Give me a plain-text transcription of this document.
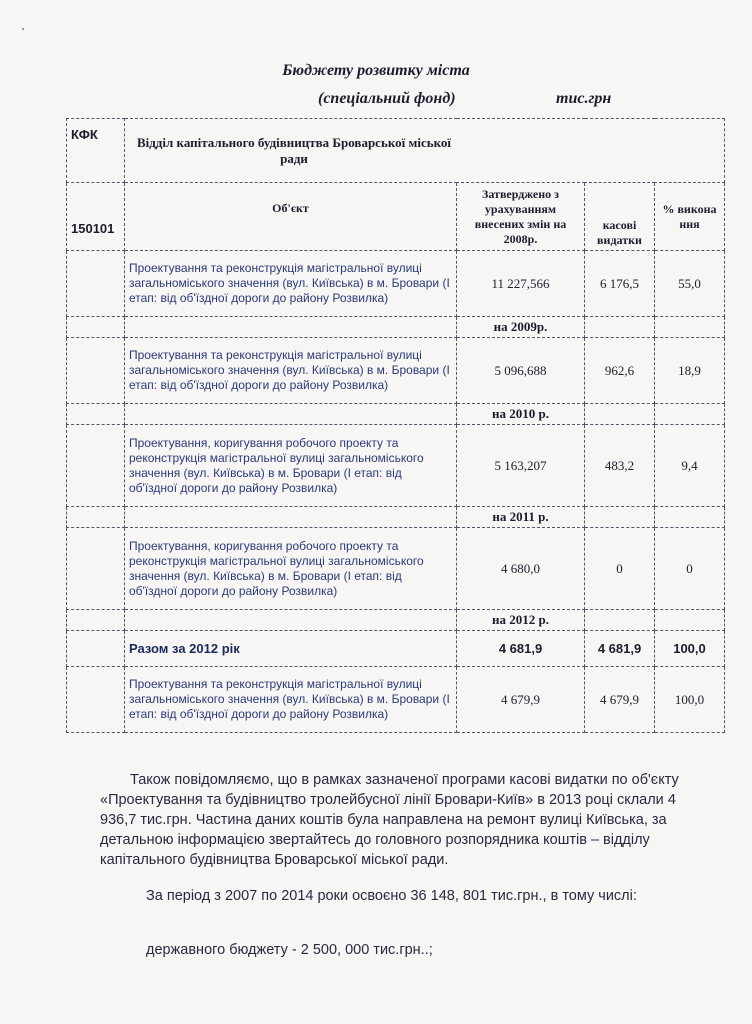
Бюджету розвитку міста
(спеціальний фонд)	тис.грн
КФК	Відділ капітального будівництва Броварської міської ради			

150101	Об'єкт	Затверджено з урахуванням внесених змін на 2008р.	касові видатки	% викона ння
	Проектування та реконструкція магістральної вулиці загальноміського значення (вул. Київська) в м. Бровари (І етап: від об'їздної дороги до району Розвилка)	11 227,566	6 176,5	55,0
		на 2009р.		
	Проектування та реконструкція магістральної вулиці загальноміського значення (вул. Київська) в м. Бровари (І етап: від об'їздної дороги до району Розвилка)	5 096,688	962,6	18,9
		на 2010 р.		
	Проектування, коригування робочого проекту та реконструкція магістральної вулиці загальноміського значення (вул. Київська) в м. Бровари (І етап: від об'їздної дороги до району Розвилка)	5 163,207	483,2	9,4
		на 2011 р.		
	Проектування, коригування робочого проекту та реконструкція магістральної вулиці загальноміського значення (вул. Київська) в м. Бровари (І етап: від об'їздної дороги до району Розвилка)	4 680,0	0	0
		на 2012 р.		
	Разом за 2012 рік	4 681,9	4 681,9	100,0
	Проектування та реконструкція магістральної вулиці загальноміського значення (вул. Київська) в м. Бровари (І етап: від об'їздної дороги до району Розвилка)	4 679,9	4 679,9	100,0
Також повідомляємо, що в рамках зазначеної програми касові видатки по об'єкту «Проектування та будівництво тролейбусної лінії Бровари-Київ» в 2013 році склали 4 936,7 тис.грн. Частина даних коштів була направлена на ремонт вулиці Київська, за детальною інформацією звертайтесь до головного розпорядника коштів – відділу капітального будівництва Броварської міської ради.
За період з 2007 по 2014 роки освоєно 36 148, 801 тис.грн., в тому числі:
державного бюджету - 2 500, 000 тис.грн..;
